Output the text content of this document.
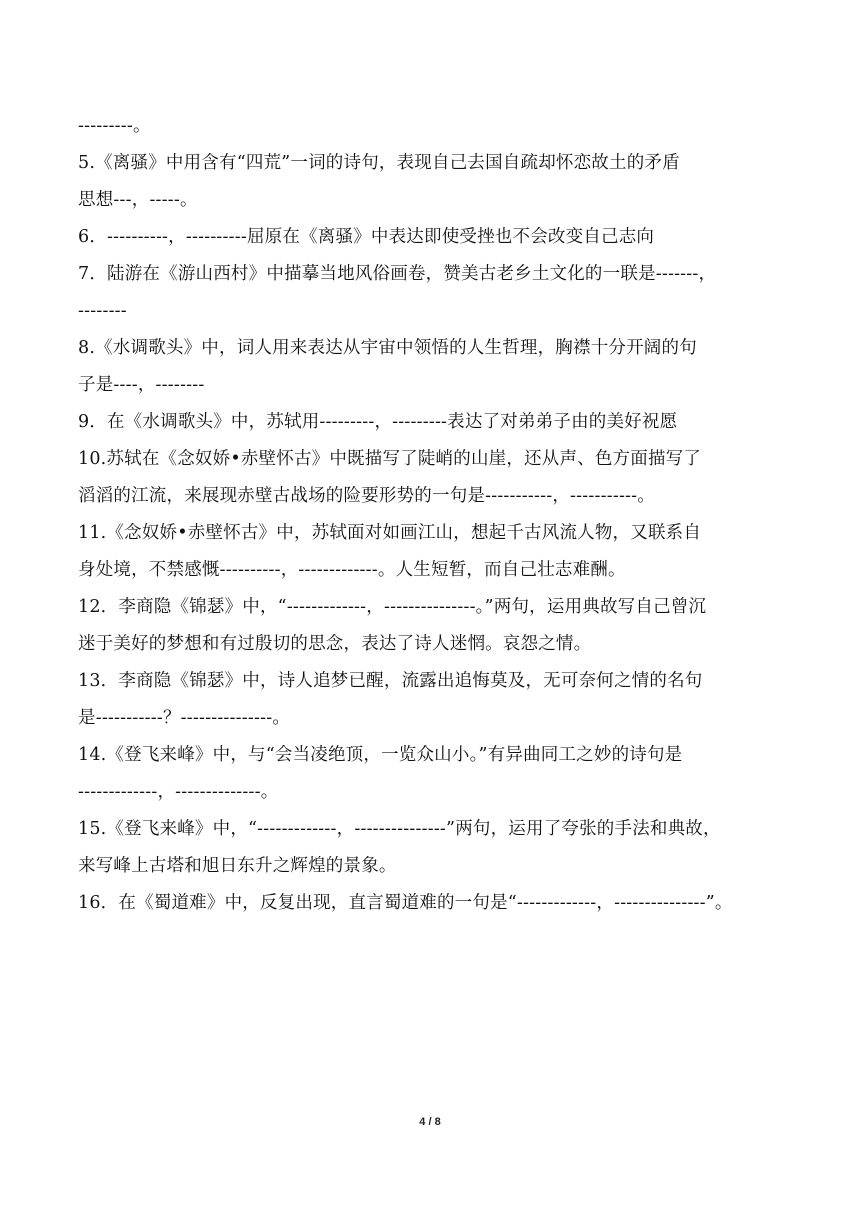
---------。
5.《离骚》中用含有“四荒”一词的诗句，表现自己去国自疏却怀恋故土的矛盾
思想---，-----。
6．----------，----------屈原在《离骚》中表达即使受挫也不会改变自己志向
7．陆游在《游山西村》中描摹当地风俗画卷，赞美古老乡土文化的一联是-------，
--------
8.《水调歌头》中，词人用来表达从宇宙中领悟的人生哲理，胸襟十分开阔的句
子是----，--------
9．在《水调歌头》中，苏轼用---------，---------表达了对弟弟子由的美好祝愿
10.苏轼在《念奴娇•赤壁怀古》中既描写了陡峭的山崖，还从声、色方面描写了
滔滔的江流，来展现赤壁古战场的险要形势的一句是-----------，-----------。
11.《念奴娇•赤壁怀古》中，苏轼面对如画江山，想起千古风流人物，又联系自
身处境，不禁感慨----------，-------------。人生短暂，而自己壮志难酬。
12．李商隐《锦瑟》中，“-------------，---------------。”两句，运用典故写自己曾沉
迷于美好的梦想和有过殷切的思念，表达了诗人迷惘。哀怨之情。
13．李商隐《锦瑟》中，诗人追梦已醒，流露出追悔莫及，无可奈何之情的名句
是-----------？---------------。
14.《登飞来峰》中，与“会当凌绝顶，一览众山小。”有异曲同工之妙的诗句是
-------------，--------------。
15.《登飞来峰》中，“-------------，---------------”两句，运用了夸张的手法和典故，
来写峰上古塔和旭日东升之辉煌的景象。
16．在《蜀道难》中，反复出现，直言蜀道难的一句是“-------------，---------------”。
4 / 8
